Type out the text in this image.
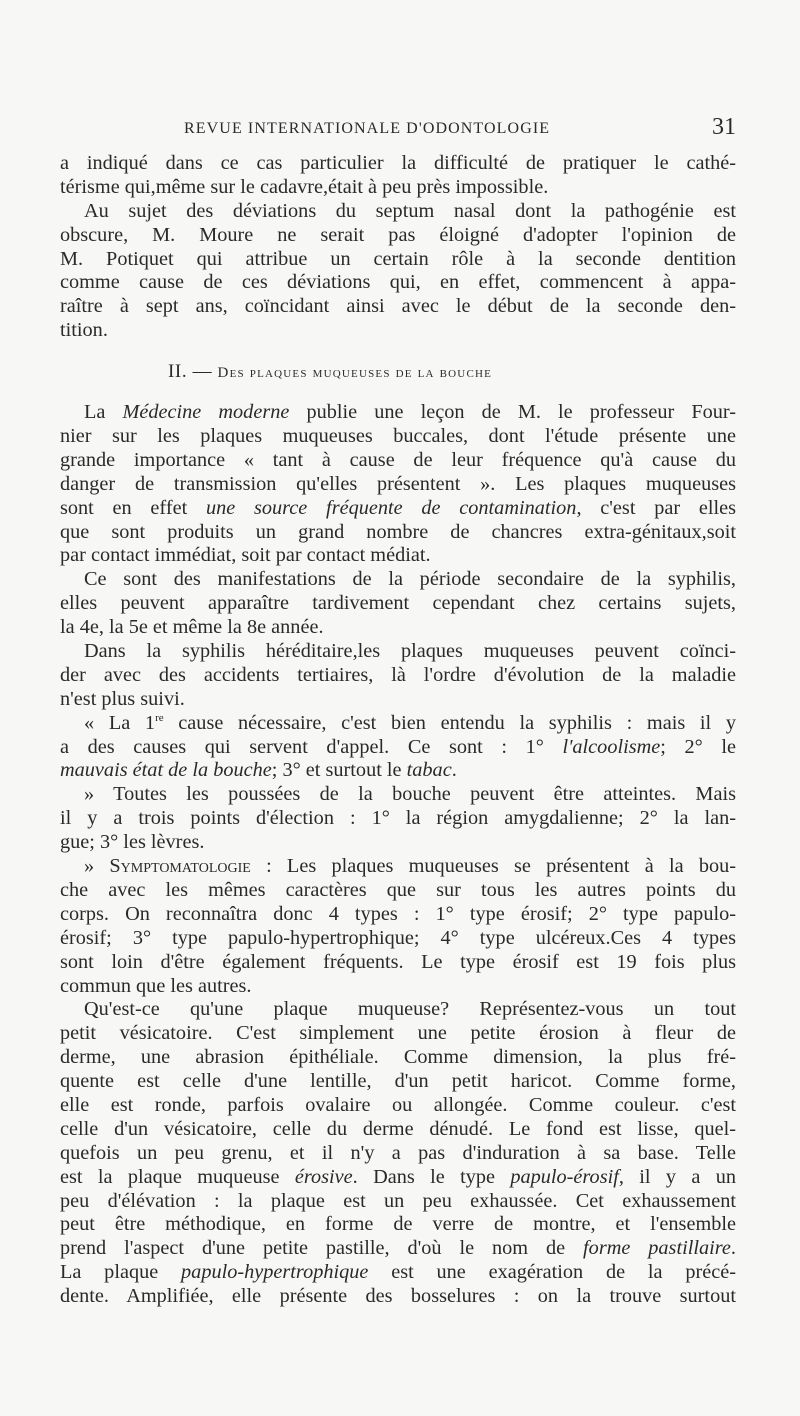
REVUE INTERNATIONALE D'ODONTOLOGIE	31
a indiqué dans ce cas particulier la difficulté de pratiquer le cathé-
térisme qui,même sur le cadavre,était à peu près impossible.
Au sujet des déviations du septum nasal dont la pathogénie est
obscure, M. Moure ne serait pas éloigné d'adopter l'opinion de
M. Potiquet qui attribue un certain rôle à la seconde dentition
comme cause de ces déviations qui, en effet, commencent à appa-
raître à sept ans, coïncidant ainsi avec le début de la seconde den-
tition.
II. — Des plaques muqueuses de la bouche
La Médecine moderne publie une leçon de M. le professeur Four-
nier sur les plaques muqueuses buccales, dont l'étude présente une
grande importance « tant à cause de leur fréquence qu'à cause du
danger de transmission qu'elles présentent ». Les plaques muqueuses
sont en effet une source fréquente de contamination, c'est par elles
que sont produits un grand nombre de chancres extra-génitaux,soit
par contact immédiat, soit par contact médiat.
Ce sont des manifestations de la période secondaire de la syphilis,
elles peuvent apparaître tardivement cependant chez certains sujets,
la 4e, la 5e et même la 8e année.
Dans la syphilis héréditaire,les plaques muqueuses peuvent coïnci-
der avec des accidents tertiaires, là l'ordre d'évolution de la maladie
n'est plus suivi.
« La 1re cause nécessaire, c'est bien entendu la syphilis : mais il y
a des causes qui servent d'appel. Ce sont : 1° l'alcoolisme; 2° le
mauvais état de la bouche; 3° et surtout le tabac.
» Toutes les poussées de la bouche peuvent être atteintes. Mais
il y a trois points d'élection : 1° la région amygdalienne; 2° la lan-
gue; 3° les lèvres.
» Symptomatologie : Les plaques muqueuses se présentent à la bou-
che avec les mêmes caractères que sur tous les autres points du
corps. On reconnaîtra donc 4 types : 1° type érosif; 2° type papulo-
érosif; 3° type papulo-hypertrophique; 4° type ulcéreux.Ces 4 types
sont loin d'être également fréquents. Le type érosif est 19 fois plus
commun que les autres.
Qu'est-ce qu'une plaque muqueuse? Représentez-vous un tout
petit vésicatoire. C'est simplement une petite érosion à fleur de
derme, une abrasion épithéliale. Comme dimension, la plus fré-
quente est celle d'une lentille, d'un petit haricot. Comme forme,
elle est ronde, parfois ovalaire ou allongée. Comme couleur. c'est
celle d'un vésicatoire, celle du derme dénudé. Le fond est lisse, quel-
quefois un peu grenu, et il n'y a pas d'induration à sa base. Telle
est la plaque muqueuse érosive. Dans le type papulo-érosif, il y a un
peu d'élévation : la plaque est un peu exhaussée. Cet exhaussement
peut être méthodique, en forme de verre de montre, et l'ensemble
prend l'aspect d'une petite pastille, d'où le nom de forme pastillaire.
La plaque papulo-hypertrophique est une exagération de la précé-
dente. Amplifiée, elle présente des bosselures : on la trouve surtout
